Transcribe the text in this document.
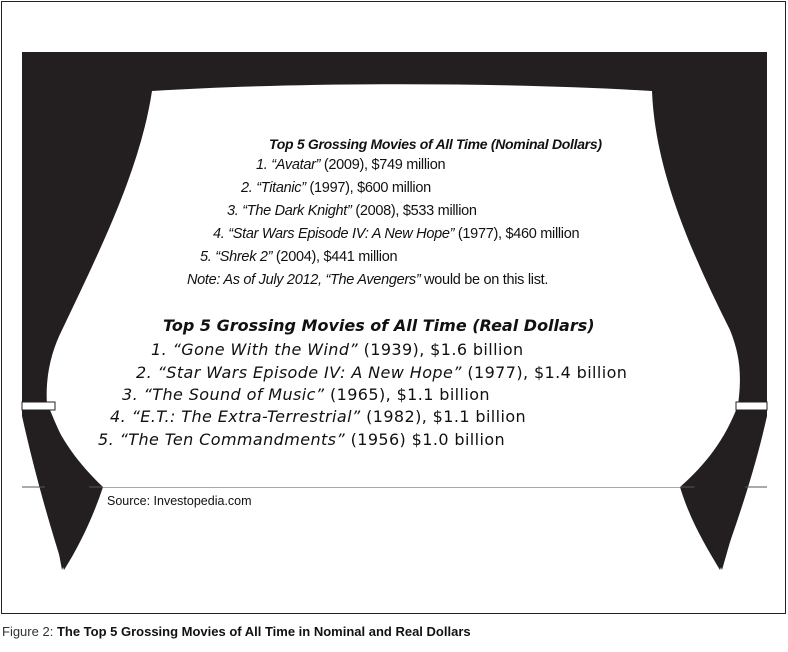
Top 5 Grossing Movies of All Time (Nominal Dollars)
1. “Avatar” (2009), $749 million
2. “Titanic” (1997), $600 million
3. “The Dark Knight” (2008), $533 million
4. “Star Wars Episode IV: A New Hope” (1977), $460 million
5. “Shrek 2” (2004), $441 million
Note: As of July 2012, “The Avengers” would be on this list.
Top 5 Grossing Movies of All Time (Real Dollars)
1. “Gone With the Wind” (1939), $1.6 billion
2. “Star Wars Episode IV: A New Hope” (1977), $1.4 billion
3. “The Sound of Music” (1965), $1.1 billion
4. “E.T.: The Extra-Terrestrial” (1982), $1.1 billion
5. “The Ten Commandments” (1956) $1.0 billion
Source: Investopedia.com
Figure 2: The Top 5 Grossing Movies of All Time in Nominal and Real Dollars
